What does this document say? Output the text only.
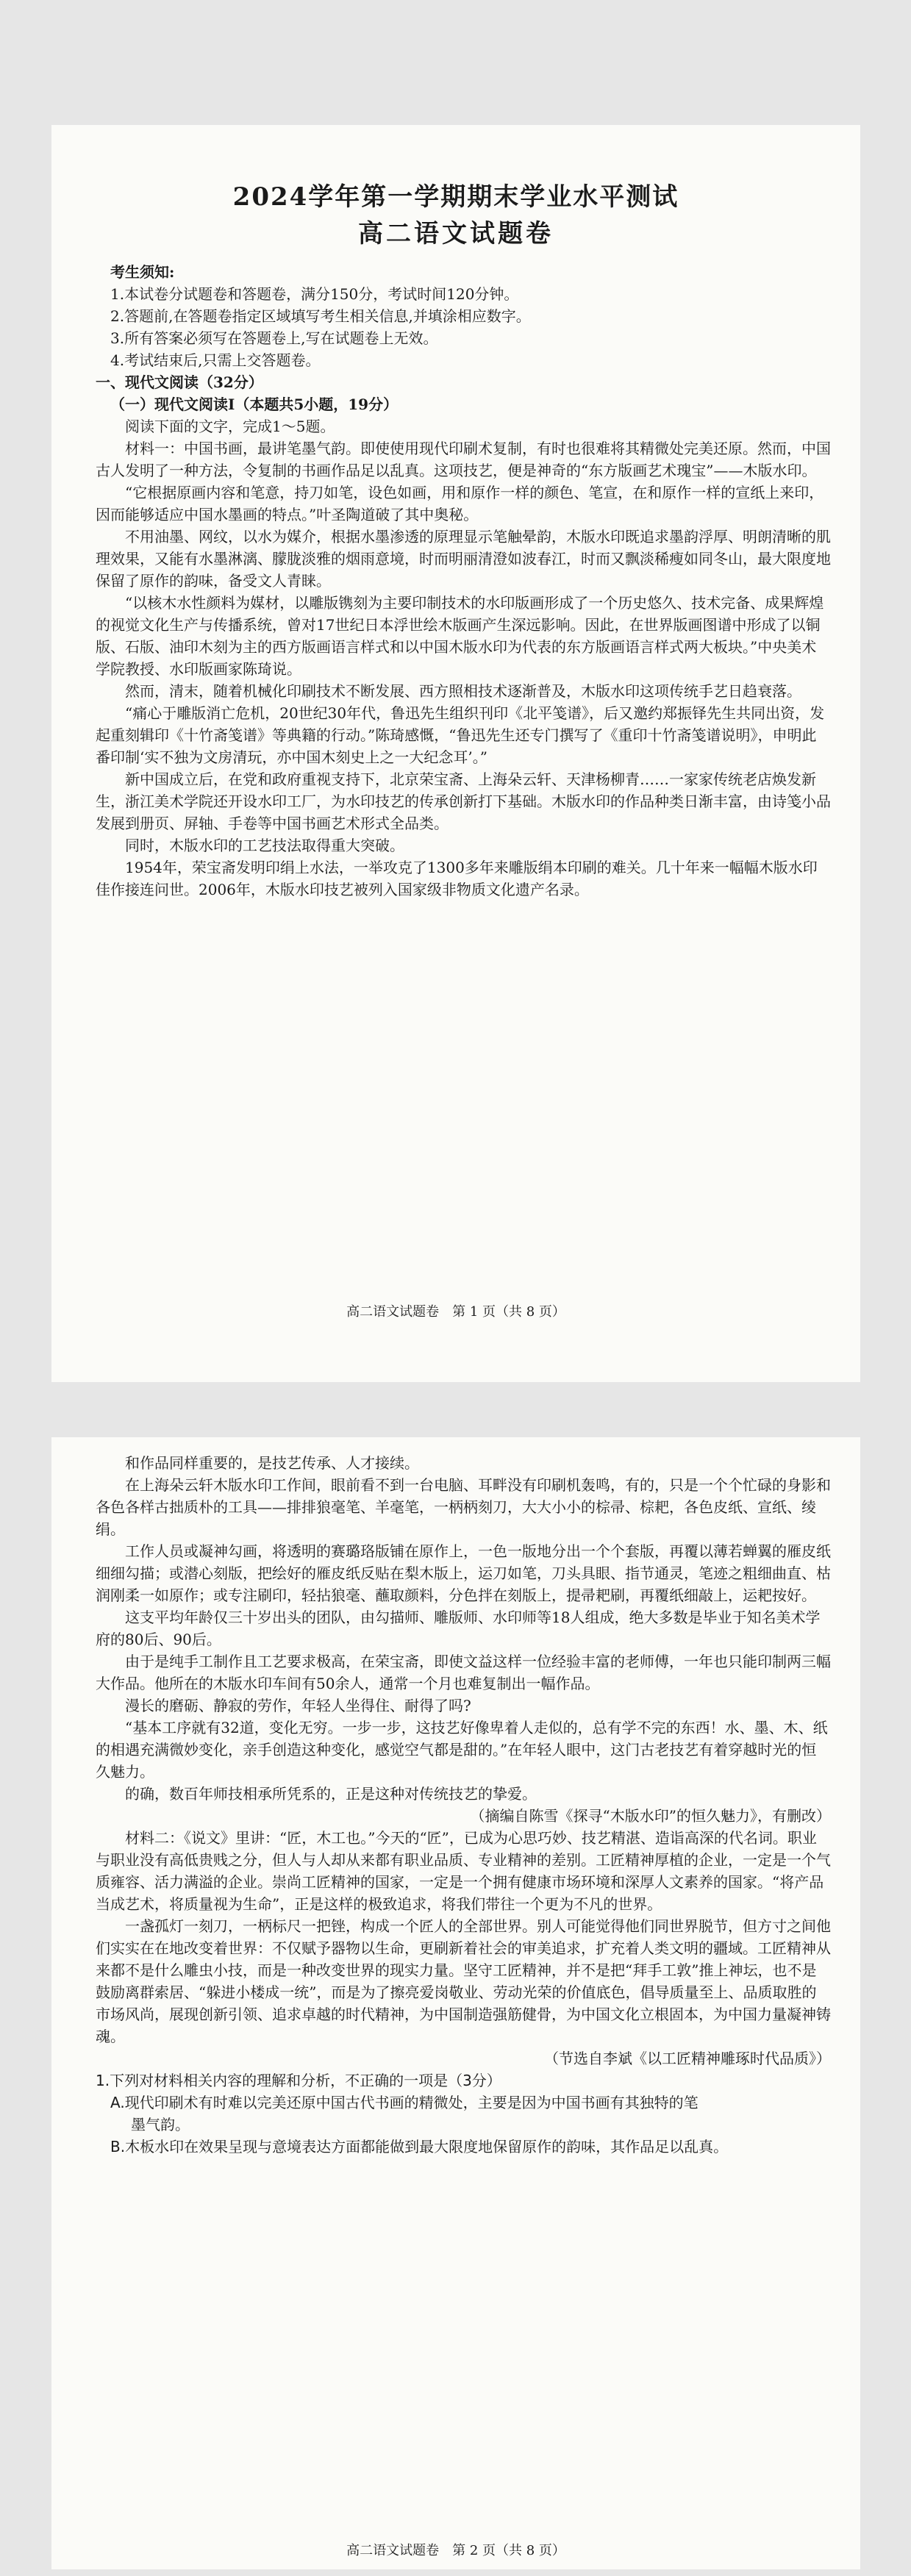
2024学年第一学期期末学业水平测试
高二语文试题卷

考生须知:

1.本试卷分试题卷和答题卷，满分150分，考试时间120分钟。

2.答题前,在答题卷指定区域填写考生相关信息,并填涂相应数字。

3.所有答案必须写在答题卷上,写在试题卷上无效。

4.考试结束后,只需上交答题卷。

一、现代文阅读（32分）

（一）现代文阅读Ⅰ（本题共5小题，19分）

阅读下面的文字，完成1～5题。

材料一：中国书画，最讲笔墨气韵。即使使用现代印刷术复制，有时也很难将其精微处完美还原。然而，中国古人发明了一种方法，令复制的书画作品足以乱真。这项技艺，便是神奇的“东方版画艺术瑰宝”——木版水印。

“它根据原画内容和笔意，持刀如笔，设色如画，用和原作一样的颜色、笔宣，在和原作一样的宣纸上来印，因而能够适应中国水墨画的特点。”叶圣陶道破了其中奥秘。

不用油墨、网纹，以水为媒介，根据水墨渗透的原理显示笔触晕韵，木版水印既追求墨韵浮厚、明朗清晰的肌理效果，又能有水墨淋漓、朦胧淡雅的烟雨意境，时而明丽清澄如波春江，时而又飘淡稀瘦如同冬山，最大限度地保留了原作的韵味，备受文人青睐。

“以核木水性颜料为媒材，以雕版镌刻为主要印制技术的水印版画形成了一个历史悠久、技术完备、成果辉煌的视觉文化生产与传播系统，曾对17世纪日本浮世绘木版画产生深远影响。因此，在世界版画图谱中形成了以铜版、石版、油印木刻为主的西方版画语言样式和以中国木版水印为代表的东方版画语言样式两大板块。”中央美术学院教授、水印版画家陈琦说。

然而，清末，随着机械化印刷技术不断发展、西方照相技术逐渐普及，木版水印这项传统手艺日趋衰落。

“痛心于雕版消亡危机，20世纪30年代，鲁迅先生组织刊印《北平笺谱》，后又邀约郑振铎先生共同出资，发起重刻辑印《十竹斋笺谱》等典籍的行动。”陈琦感慨，“鲁迅先生还专门撰写了《重印十竹斋笺谱说明》，申明此番印制‘实不独为文房清玩，亦中国木刻史上之一大纪念耳’。”

新中国成立后，在党和政府重视支持下，北京荣宝斋、上海朵云轩、天津杨柳青……一家家传统老店焕发新生，浙江美术学院还开设水印工厂，为水印技艺的传承创新打下基础。木版水印的作品种类日渐丰富，由诗笺小品发展到册页、屏轴、手卷等中国书画艺术形式全品类。

同时，木版水印的工艺技法取得重大突破。

1954年，荣宝斋发明印绢上水法，一举攻克了1300多年来雕版绢本印刷的难关。几十年来一幅幅木版水印佳作接连问世。2006年，木版水印技艺被列入国家级非物质文化遗产名录。

高二语文试题卷　第 1 页（共 8 页）

和作品同样重要的，是技艺传承、人才接续。

在上海朵云轩木版水印工作间，眼前看不到一台电脑、耳畔没有印刷机轰鸣，有的，只是一个个忙碌的身影和各色各样古拙质朴的工具——排排狼毫笔、羊毫笔，一柄柄刻刀，大大小小的棕帚、棕耙，各色皮纸、宣纸、绫绢。

工作人员或凝神勾画，将透明的赛璐珞版铺在原作上，一色一版地分出一个个套版，再覆以薄若蝉翼的雁皮纸细细勾描；或潜心刻版，把绘好的雁皮纸反贴在梨木版上，运刀如笔，刀头具眼、指节通灵，笔迹之粗细曲直、枯润刚柔一如原作；或专注刷印，轻拈狼毫、蘸取颜料，分色拌在刻版上，提帚耙刷，再覆纸细敲上，运耙按好。

这支平均年龄仅三十岁出头的团队，由勾描师、雕版师、水印师等18人组成，绝大多数是毕业于知名美术学府的80后、90后。

由于是纯手工制作且工艺要求极高，在荣宝斋，即使文益这样一位经验丰富的老师傅，一年也只能印制两三幅大作品。他所在的木版水印车间有50余人，通常一个月也难复制出一幅作品。

漫长的磨砺、静寂的劳作，年轻人坐得住、耐得了吗?

“基本工序就有32道，变化无穷。一步一步，这技艺好像卑着人走似的，总有学不完的东西！水、墨、木、纸的相遇充满微妙变化，亲手创造这种变化，感觉空气都是甜的。”在年轻人眼中，这门古老技艺有着穿越时光的恒久魅力。

的确，数百年师技相承所凭系的，正是这种对传统技艺的挚爱。

（摘编自陈雪《探寻“木版水印”的恒久魅力》，有删改）

材料二：《说文》里讲：“匠，木工也。”今天的“匠”，已成为心思巧妙、技艺精湛、造诣高深的代名词。职业与职业没有高低贵贱之分，但人与人却从来都有职业品质、专业精神的差别。工匠精神厚植的企业，一定是一个气质雍容、活力满溢的企业。崇尚工匠精神的国家，一定是一个拥有健康市场环境和深厚人文素养的国家。“将产品当成艺术，将质量视为生命”，正是这样的极致追求，将我们带往一个更为不凡的世界。

一盏孤灯一刻刀，一柄标尺一把锉，构成一个匠人的全部世界。别人可能觉得他们同世界脱节，但方寸之间他们实实在在地改变着世界：不仅赋予器物以生命，更刷新着社会的审美追求，扩充着人类文明的疆域。工匠精神从来都不是什么雕虫小技，而是一种改变世界的现实力量。坚守工匠精神，并不是把“拜手工敦”推上神坛，也不是鼓励离群索居、“躲进小楼成一统”，而是为了擦亮爱岗敬业、劳动光荣的价值底色，倡导质量至上、品质取胜的市场风尚，展现创新引领、追求卓越的时代精神，为中国制造强筋健骨，为中国文化立根固本，为中国力量凝神铸魂。

（节选自李斌《以工匠精神雕琢时代品质》）

1.下列对材料相关内容的理解和分析，不正确的一项是（3分）

A.现代印刷术有时难以完美还原中国古代书画的精微处，主要是因为中国书画有其独特的笔

墨气韵。

B.木板水印在效果呈现与意境表达方面都能做到最大限度地保留原作的韵味，其作品足以乱真。

高二语文试题卷　第 2 页（共 8 页）
